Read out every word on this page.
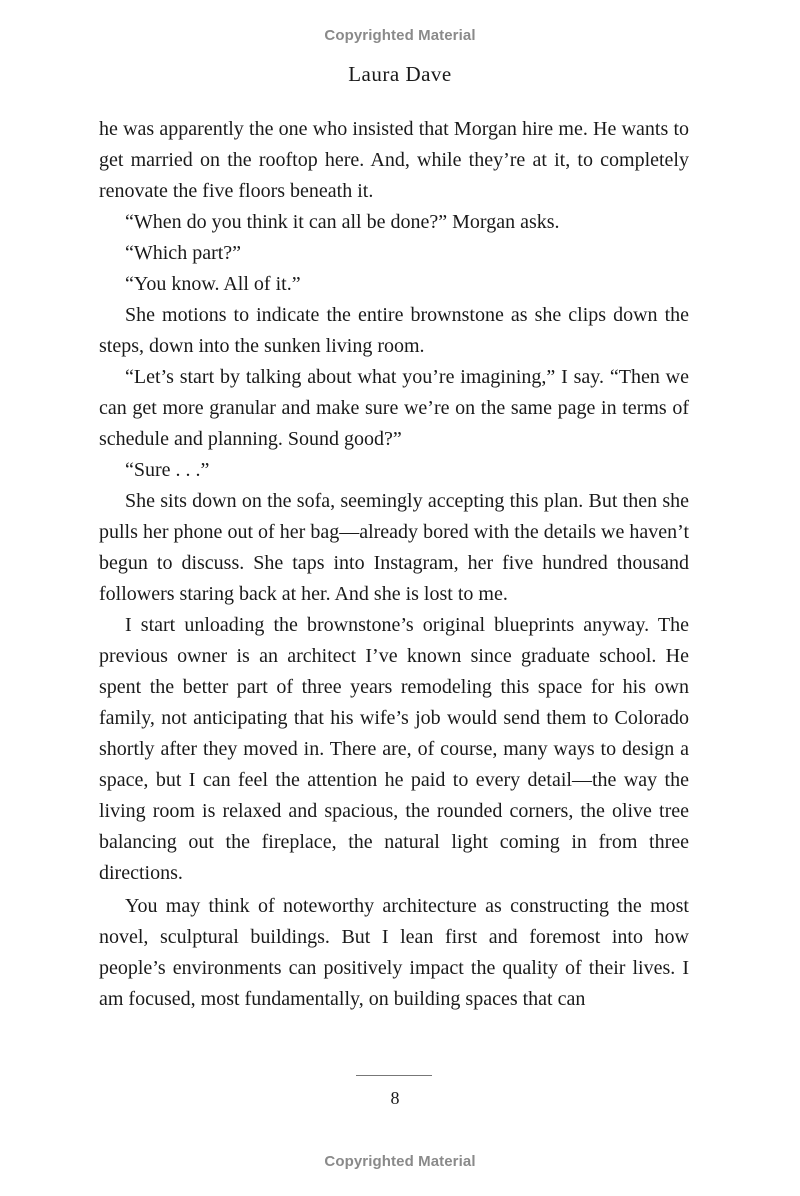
Copyrighted Material
Laura Dave

he was apparently the one who insisted that Morgan hire me. He wants to get married on the rooftop here. And, while they’re at it, to completely renovate the five floors beneath it.

“When do you think it can all be done?” Morgan asks.

“Which part?”

“You know. All of it.”

She motions to indicate the entire brownstone as she clips down the steps, down into the sunken living room.

“Let’s start by talking about what you’re imagining,” I say. “Then we can get more granular and make sure we’re on the same page in terms of schedule and planning. Sound good?”

“Sure . . .”

She sits down on the sofa, seemingly accepting this plan. But then she pulls her phone out of her bag—already bored with the details we haven’t begun to discuss. She taps into Instagram, her five hundred thousand followers staring back at her. And she is lost to me.

I start unloading the brownstone’s original blueprints anyway. The previous owner is an architect I’ve known since graduate school. He spent the better part of three years remodeling this space for his own family, not anticipating that his wife’s job would send them to Colorado shortly after they moved in. There are, of course, many ways to design a space, but I can feel the attention he paid to every detail—the way the living room is relaxed and spacious, the rounded corners, the olive tree balancing out the fireplace, the natural light coming in from three directions.

You may think of noteworthy architecture as constructing the most novel, sculptural buildings. But I lean first and foremost into how people’s environments can positively impact the quality of their lives. I am focused, most fundamentally, on building spaces that can

8
Copyrighted Material
